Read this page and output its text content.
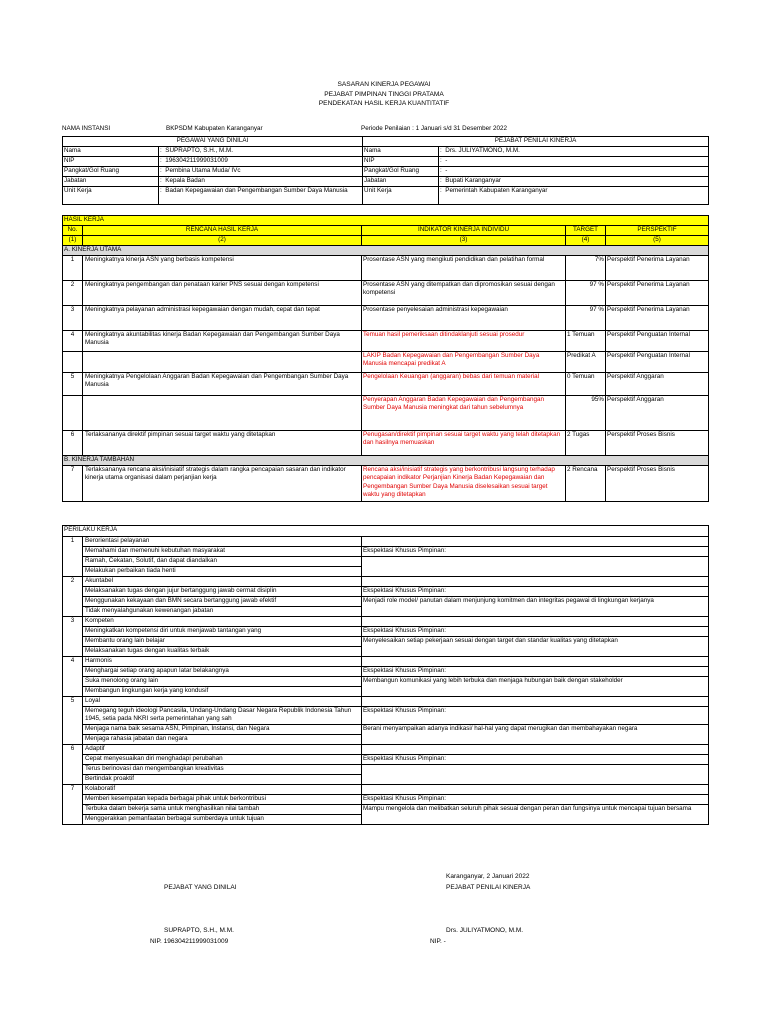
SASARAN KINERJA PEGAWAI
PEJABAT PIMPINAN TINGGI PRATAMA
PENDEKATAN HASIL KERJA KUANTITATIF
NAMA INSTANSI	BKPSDM Kabupaten Karanganyar	Periode Penilaian : 1 Januari s/d 31 Desember 2022
PEGAWAI YANG DINILAI		PEJABAT PENILAI KINERJA	
Nama	:  SUPRAPTO, S.H., M.M.	Nama	:  Drs. JULIYATMONO, M.M.
NIP	:  196304211999031009	NIP	:  -
Pangkat/Gol Ruang	:  Pembina Utama Muda/ IVc	Pangkat/Gol Ruang	:  -
Jabatan	:  Kepala Badan	Jabatan	:  Bupati Karanganyar
Unit Kerja	: Badan Kepegawaian dan Pengembangan Sumber Daya Manusia	Unit Kerja	:  Pemerintah Kabupaten Karanganyar
HASIL KERJA				
No.	RENCANA HASIL KERJA	INDIKATOR KINERJA INDIVIDU	TARGET	PERSPEKTIF
(1)	(2)	(3)	(4)	(5)
A. KINERJA UTAMA				
1	Meningkatnya kinerja ASN yang berbasis kompetensi	Prosentase ASN yang mengikuti pendidikan dan pelatihan formal	7%	Perspektif Penerima Layanan
2	Meningkatnya pengembangan dan penataan karier PNS sesuai dengan kompetensi	Prosentase ASN yang ditempatkan dan dipromosikan sesuai dengan kompetensi	97 %	Perspektif Penerima Layanan
3	Meningkatnya pelayanan administrasi kepegawaian dengan mudah, cepat dan tepat	Prosentase penyelesaian administrasi kepegawaian	97 %	Perspektif Penerima Layanan
4	Meningkatnya akuntabilitas kinerja Badan Kepegawaian dan Pengembangan Sumber Daya Manusia	Temuan hasil pemeriksaan ditindaklanjuti sesuai prosedur	1 Temuan	Perspektif Penguatan Internal
		LAKIP Badan Kepegawaian dan Pengembangan Sumber Daya Manusia mencapai predikat A	Predikat A	Perspektif Penguatan Internal
5	Meningkatnya Pengelolaan Anggaran Badan Kepegawaian dan Pengembangan Sumber Daya Manusia	Pengelolaan Keuangan (anggaran) bebas dari temuan material	0 Temuan	Perspektif Anggaran
		Penyerapan Anggaran Badan Kepegawaian dan Pengembangan Sumber Daya Manusia meningkat dari tahun sebelumnya	95%	Perspektif Anggaran
6	Terlaksananya direktif pimpinan sesuai target waktu yang ditetapkan	Penugasan/direktif pimpinan sesuai target waktu yang telah ditetapkan dan hasilnya memuaskan	2 Tugas	Perspektif Proses Bisnis
B. KINERJA TAMBAHAN				
7	Terlaksananya rencana aksi/inisiatif strategis dalam rangka pencapaian sasaran dan indikator kinerja utama organisasi dalam perjanjian kerja	Rencana aksi/inisiatif strategis yang berkontribusi langsung terhadap pencapaian indikator Perjanjian Kinerja Badan Kepegawaian dan Pengembangan Sumber Daya Manusia diselesaikan sesuai target waktu yang ditetapkan	2 Rencana	Perspektif Proses Bisnis
PERILAKU KERJA		
1	Berorientasi pelayanan	
	Memahami dan memenuhi kebutuhan masyarakat	Ekspektasi Khusus Pimpinan:
	Ramah, Cekatan, Solutif, dan dapat diandalkan	
	Melakukan perbaikan tiada henti	
2	Akuntabel	
	Melaksanakan tugas dengan jujur bertanggung jawab cermat disiplin	Ekspektasi Khusus Pimpinan:
	Menggunakan kekayaan dan BMN secara bertanggung jawab efektif	Menjadi role model/ panutan dalam menjunjung komitmen dan integritas pegawai di lingkungan kerjanya
	Tidak menyalahgunakan kewenangan jabatan	
3	Kompeten	
	Meningkatkan kompetensi diri untuk menjawab tantangan yang	Ekspektasi Khusus Pimpinan:
	Membantu orang lain belajar	Menyelesaikan setiap pekerjaan sesuai dengan target dan standar kualitas yang ditetapkan
	Melaksanakan tugas dengan kualitas terbaik	
4	Harmonis	
	Menghargai setiap orang apapun latar belakangnya	Ekspektasi Khusus Pimpinan:
	Suka menolong orang lain	Membangun komunikasi yang lebih terbuka dan menjaga hubungan baik dengan stakeholder
	Membangun lingkungan kerja yang kondusif	
5	Loyal	
	Memegang teguh ideologi Pancasila, Undang-Undang Dasar Negara Republik Indonesia Tahun 1945, setia pada NKRI serta pemerintahan yang sah	Ekspektasi Khusus Pimpinan:
	Menjaga nama baik sesama ASN, Pimpinan, Instansi, dan Negara	Berani menyampaikan adanya indikasi/ hal-hal yang dapat merugikan dan membahayakan negara
	Menjaga rahasia jabatan dan negara	
6	Adaptif	
	Cepat menyesuaikan diri menghadapi perubahan	Ekspektasi Khusus Pimpinan:
	Terus berinovasi dan mengembangkan kreativitas	
	Bertindak proaktif	
7	Kolaboratif	
	Memberi kesempatan kepada berbagai pihak untuk berkontribusi	Ekspektasi Khusus Pimpinan:
	Terbuka dalam bekerja sama untuk menghasilkan nilai tambah	Mampu mengelola dan melibatkan seluruh pihak sesuai dengan peran dan fungsinya untuk mencapai tujuan bersama
	Menggerakkan pemanfaatan berbagai sumberdaya untuk tujuan	
Karanganyar, 2 Januari 2022
PEJABAT YANG DINILAI	PEJABAT PENILAI KINERJA
SUPRAPTO, S.H., M.M.
NIP. 196304211999031009
Drs. JULIYATMONO, M.M.
NIP. -
